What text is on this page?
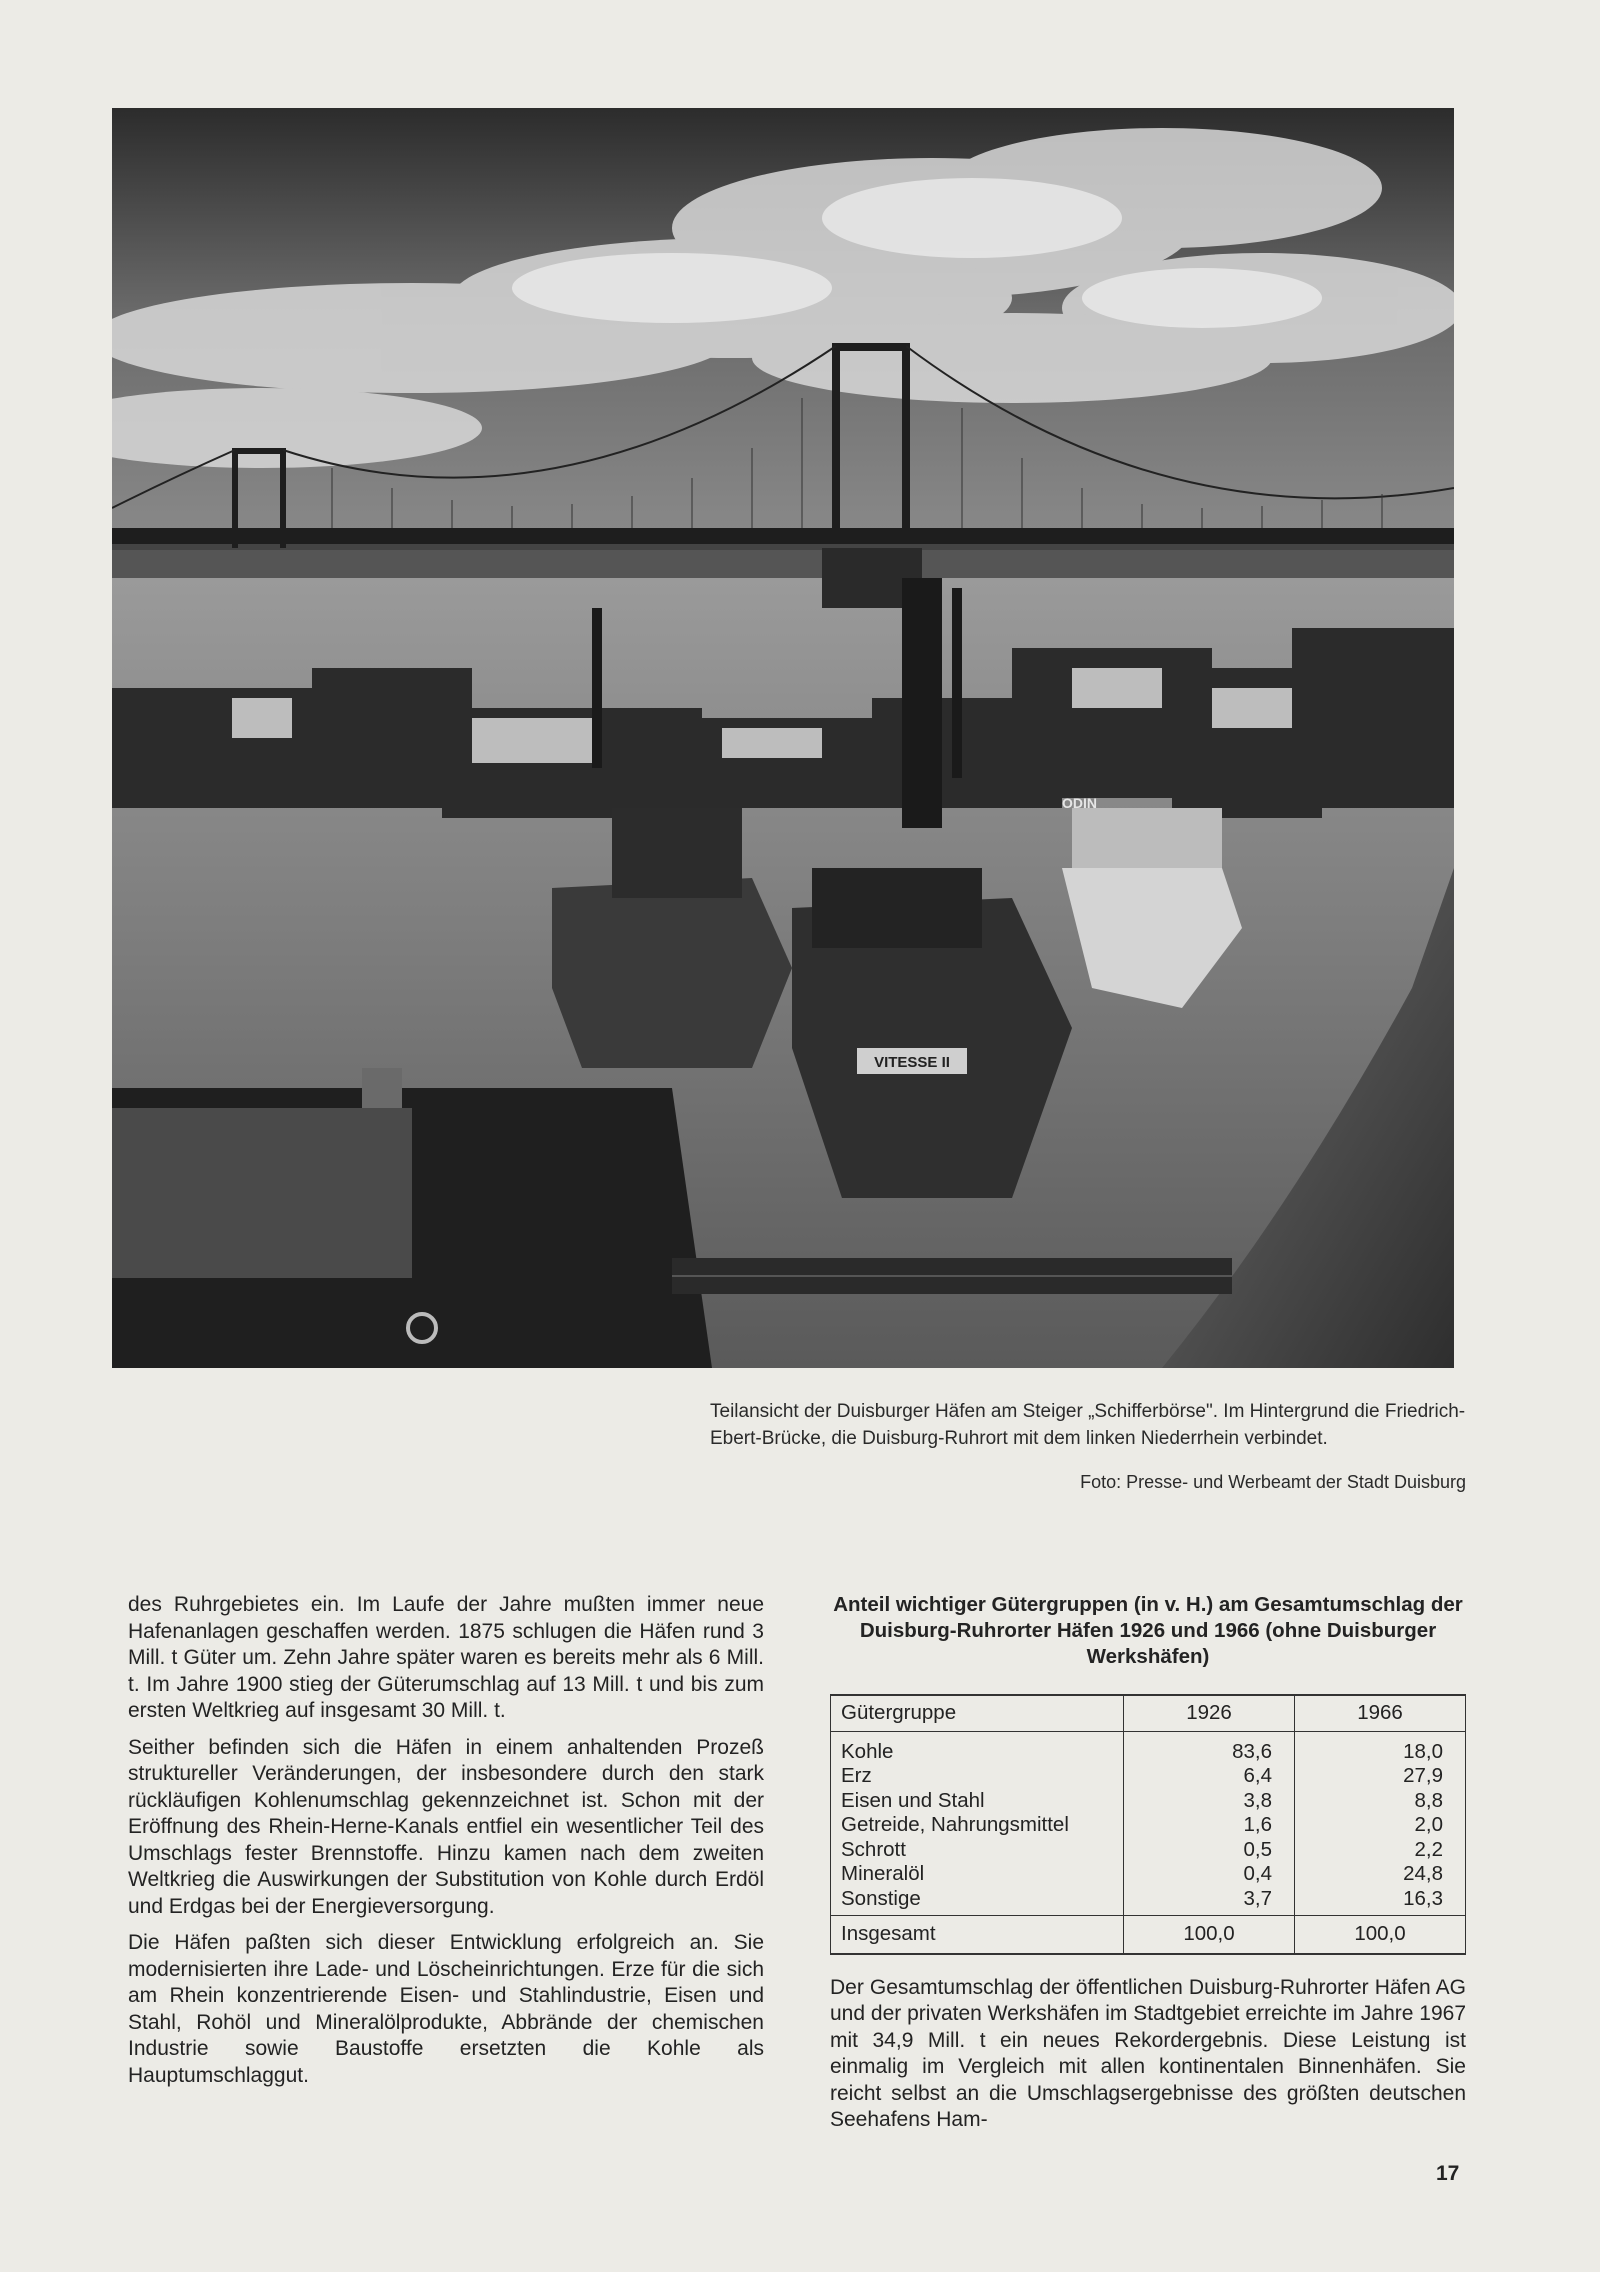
VITESSE II
ODIN

Teilansicht der Duisburger Häfen am Steiger „Schifferbörse". Im Hintergrund die Friedrich-Ebert-Brücke, die Duisburg-Ruhrort mit dem linken Niederrhein verbindet.

Foto: Presse- und Werbeamt der Stadt Duisburg

des Ruhrgebietes ein. Im Laufe der Jahre mußten immer neue Hafenanlagen geschaffen werden. 1875 schlugen die Häfen rund 3 Mill. t Güter um. Zehn Jahre später waren es bereits mehr als 6 Mill. t. Im Jahre 1900 stieg der Güterumschlag auf 13 Mill. t und bis zum ersten Weltkrieg auf insgesamt 30 Mill. t.

Seither befinden sich die Häfen in einem anhaltenden Prozeß struktureller Veränderungen, der insbesondere durch den stark rückläufigen Kohlenumschlag gekennzeichnet ist. Schon mit der Eröffnung des Rhein-Herne-Kanals entfiel ein wesentlicher Teil des Umschlags fester Brennstoffe. Hinzu kamen nach dem zweiten Weltkrieg die Auswirkungen der Substitution von Kohle durch Erdöl und Erdgas bei der Energieversorgung.

Die Häfen paßten sich dieser Entwicklung erfolgreich an. Sie modernisierten ihre Lade- und Löscheinrichtungen. Erze für die sich am Rhein konzentrierende Eisen- und Stahlindustrie, Eisen und Stahl, Rohöl und Mineralölprodukte, Abbrände der chemischen Industrie sowie Baustoffe ersetzten die Kohle als Hauptumschlaggut.

Anteil wichtiger Gütergruppen (in v. H.) am Gesamtumschlag der Duisburg-Ruhrorter Häfen 1926 und 1966 (ohne Duisburger Werkshäfen)
Gütergruppe	1926	1966
Kohle	83,6	18,0
Erz	6,4	27,9
Eisen und Stahl	3,8	8,8
Getreide, Nahrungsmittel	1,6	2,0
Schrott	0,5	2,2
Mineralöl	0,4	24,8
Sonstige	3,7	16,3
Insgesamt	100,0	100,0
Der Gesamtumschlag der öffentlichen Duisburg-Ruhrorter Häfen AG und der privaten Werkshäfen im Stadtgebiet erreichte im Jahre 1967 mit 34,9 Mill. t ein neues Rekordergebnis. Diese Leistung ist einmalig im Vergleich mit allen kontinentalen Binnenhäfen. Sie reicht selbst an die Umschlagsergebnisse des größten deutschen Seehafens Ham-
17
